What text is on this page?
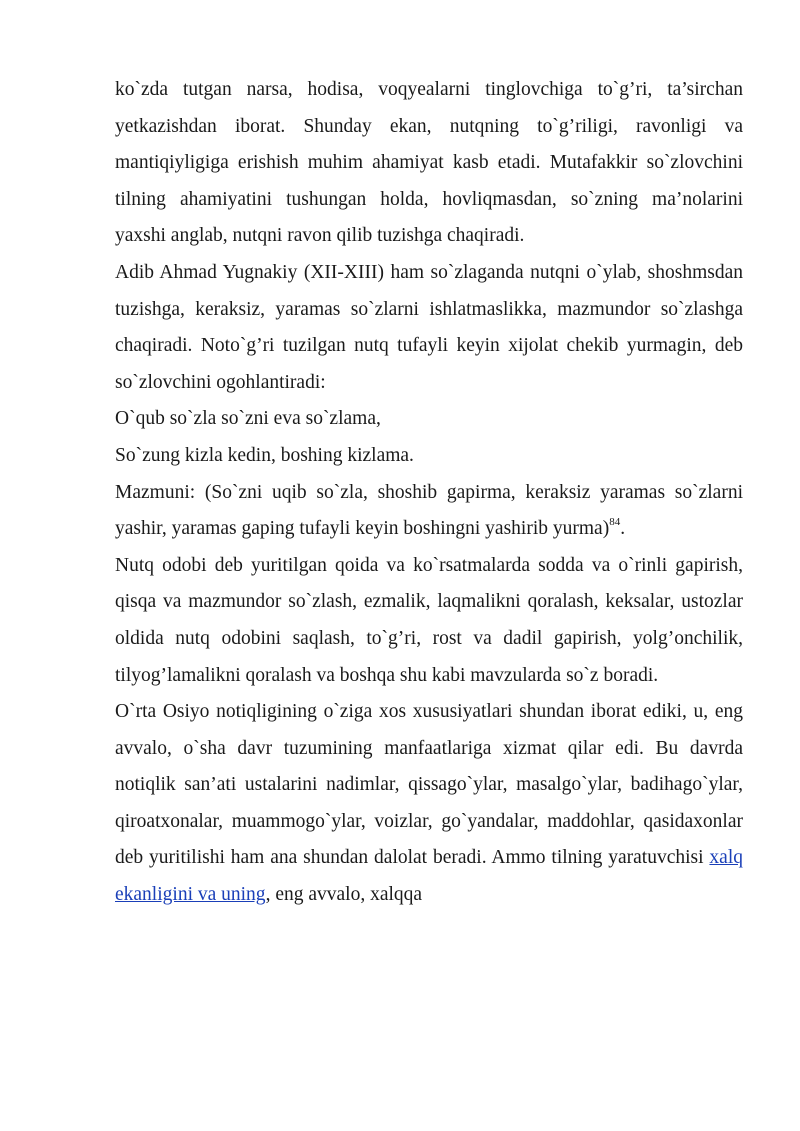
ko`zda tutgan narsa, hodisa, voqyealarni tinglovchiga to`g’ri, ta’sirchan yetkazishdan iborat. Shunday ekan, nutqning to`g’riligi, ravonligi va mantiqiyligiga erishish muhim ahamiyat kasb etadi. Mutafakkir so`zlovchini tilning ahamiyatini tushungan holda, hovliqmasdan, so`zning ma’nolarini yaxshi anglab, nutqni ravon qilib tuzishga chaqiradi.

Adib Ahmad Yugnakiy (XII-XIII) ham so`zlaganda nutqni o`ylab, shoshmsdan tuzishga, keraksiz, yaramas so`zlarni ishlatmaslikka, mazmundor so`zlashga chaqiradi. Noto`g’ri tuzilgan nutq tufayli keyin xijolat chekib yurmagin, deb so`zlovchini ogohlantiradi:

O`qub so`zla so`zni eva so`zlama,

So`zung kizla kedin, boshing kizlama.

Mazmuni: (So`zni uqib so`zla, shoshib gapirma, keraksiz yaramas so`zlarni yashir, yaramas gaping tufayli keyin boshingni yashirib yurma)$^{84}$.

Nutq odobi deb yuritilgan qoida va ko`rsatmalarda sodda va o`rinli gapirish, qisqa va mazmundor so`zlash, ezmalik, laqmalikni qoralash, keksalar, ustozlar oldida nutq odobini saqlash, to`g’ri, rost va dadil gapirish, yolg’onchilik, tilyog’lamalikni qoralash va boshqa shu kabi mavzularda so`z boradi.

O`rta Osiyo notiqligining o`ziga xos xususiyatlari shundan iborat ediki, u, eng avvalo, o`sha davr tuzumining manfaatlariga xizmat qilar edi. Bu davrda notiqlik san’ati ustalarini nadimlar, qissago`ylar, masalgo`ylar, badihago`ylar, qiroatxonalar, muammogo`ylar, voizlar, go`yandalar, maddohlar, qasidaxonlar deb yuritilishi ham ana shundan dalolat beradi. Ammo tilning yaratuvchisi xalq ekanligini va uning, eng avvalo, xalqqa
